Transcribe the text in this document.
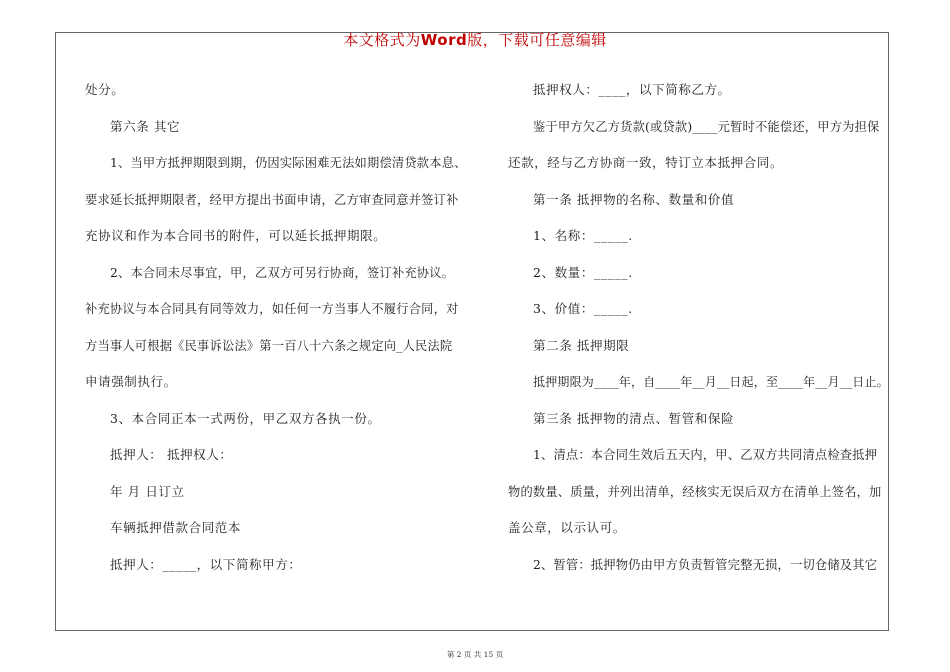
本文格式为Word版，下载可任意编辑
处分。
第六条 其它
1、当甲方抵押期限到期，仍因实际困难无法如期偿清贷款本息、
要求延长抵押期限者，经甲方提出书面申请，乙方审查同意并签订补
充协议和作为本合同书的附件，可以延长抵押期限。
2、本合同未尽事宜，甲，乙双方可另行协商，签订补充协议。
补充协议与本合同具有同等效力，如任何一方当事人不履行合同，对
方当事人可根据《民事诉讼法》第一百八十六条之规定向_人民法院
申请强制执行。
3、本合同正本一式两份，甲乙双方各执一份。
抵押人： 抵押权人：
年 月 日订立
车辆抵押借款合同范本
抵押人：_____，以下简称甲方：
抵押权人：____，以下简称乙方。
鉴于甲方欠乙方货款(或贷款)____元暂时不能偿还，甲方为担保
还款，经与乙方协商一致，特订立本抵押合同。
第一条 抵押物的名称、数量和价值
1、名称：_____.
2、数量：_____.
3、价值：_____.
第二条 抵押期限
抵押期限为____年，自____年__月__日起，至____年__月__日止。
第三条 抵押物的清点、暂管和保险
1、清点：本合同生效后五天内，甲、乙双方共同清点检查抵押
物的数量、质量，并列出清单，经核实无误后双方在清单上签名，加
盖公章，以示认可。
2、暂管：抵押物仍由甲方负责暂管完整无损，一切仓储及其它
第 2 页 共 15 页
